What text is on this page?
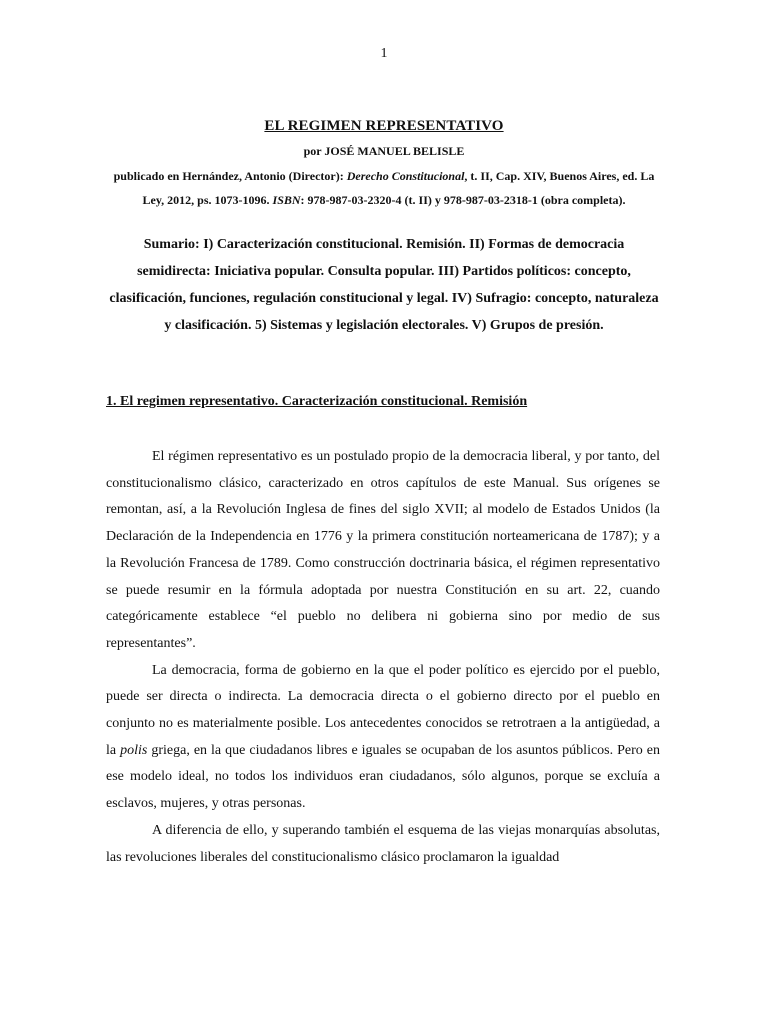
1
EL REGIMEN REPRESENTATIVO
por JOSÉ MANUEL BELISLE
publicado en Hernández, Antonio (Director): Derecho Constitucional, t. II, Cap. XIV, Buenos Aires, ed. La Ley, 2012, ps. 1073-1096. ISBN: 978-987-03-2320-4 (t. II) y 978-987-03-2318-1 (obra completa).
Sumario: I) Caracterización constitucional. Remisión. II) Formas de democracia semidirecta: Iniciativa popular. Consulta popular. III) Partidos políticos: concepto, clasificación, funciones, regulación constitucional y legal. IV) Sufragio: concepto, naturaleza y clasificación. 5) Sistemas y legislación electorales. V) Grupos de presión.
1. El regimen representativo. Caracterización constitucional. Remisión

El régimen representativo es un postulado propio de la democracia liberal, y por tanto, del constitucionalismo clásico, caracterizado en otros capítulos de este Manual. Sus orígenes se remontan, así, a la Revolución Inglesa de fines del siglo XVII; al modelo de Estados Unidos (la Declaración de la Independencia en 1776 y la primera constitución norteamericana de 1787); y a la Revolución Francesa de 1789. Como construcción doctrinaria básica, el régimen representativo se puede resumir en la fórmula adoptada por nuestra Constitución en su art. 22, cuando categóricamente establece “el pueblo no delibera ni gobierna sino por medio de sus representantes”.

La democracia, forma de gobierno en la que el poder político es ejercido por el pueblo, puede ser directa o indirecta. La democracia directa o el gobierno directo por el pueblo en conjunto no es materialmente posible. Los antecedentes conocidos se retrotraen a la antigüedad, a la polis griega, en la que ciudadanos libres e iguales se ocupaban de los asuntos públicos. Pero en ese modelo ideal, no todos los individuos eran ciudadanos, sólo algunos, porque se excluía a esclavos, mujeres, y otras personas.

A diferencia de ello, y superando también el esquema de las viejas monarquías absolutas, las revoluciones liberales del constitucionalismo clásico proclamaron la igualdad
